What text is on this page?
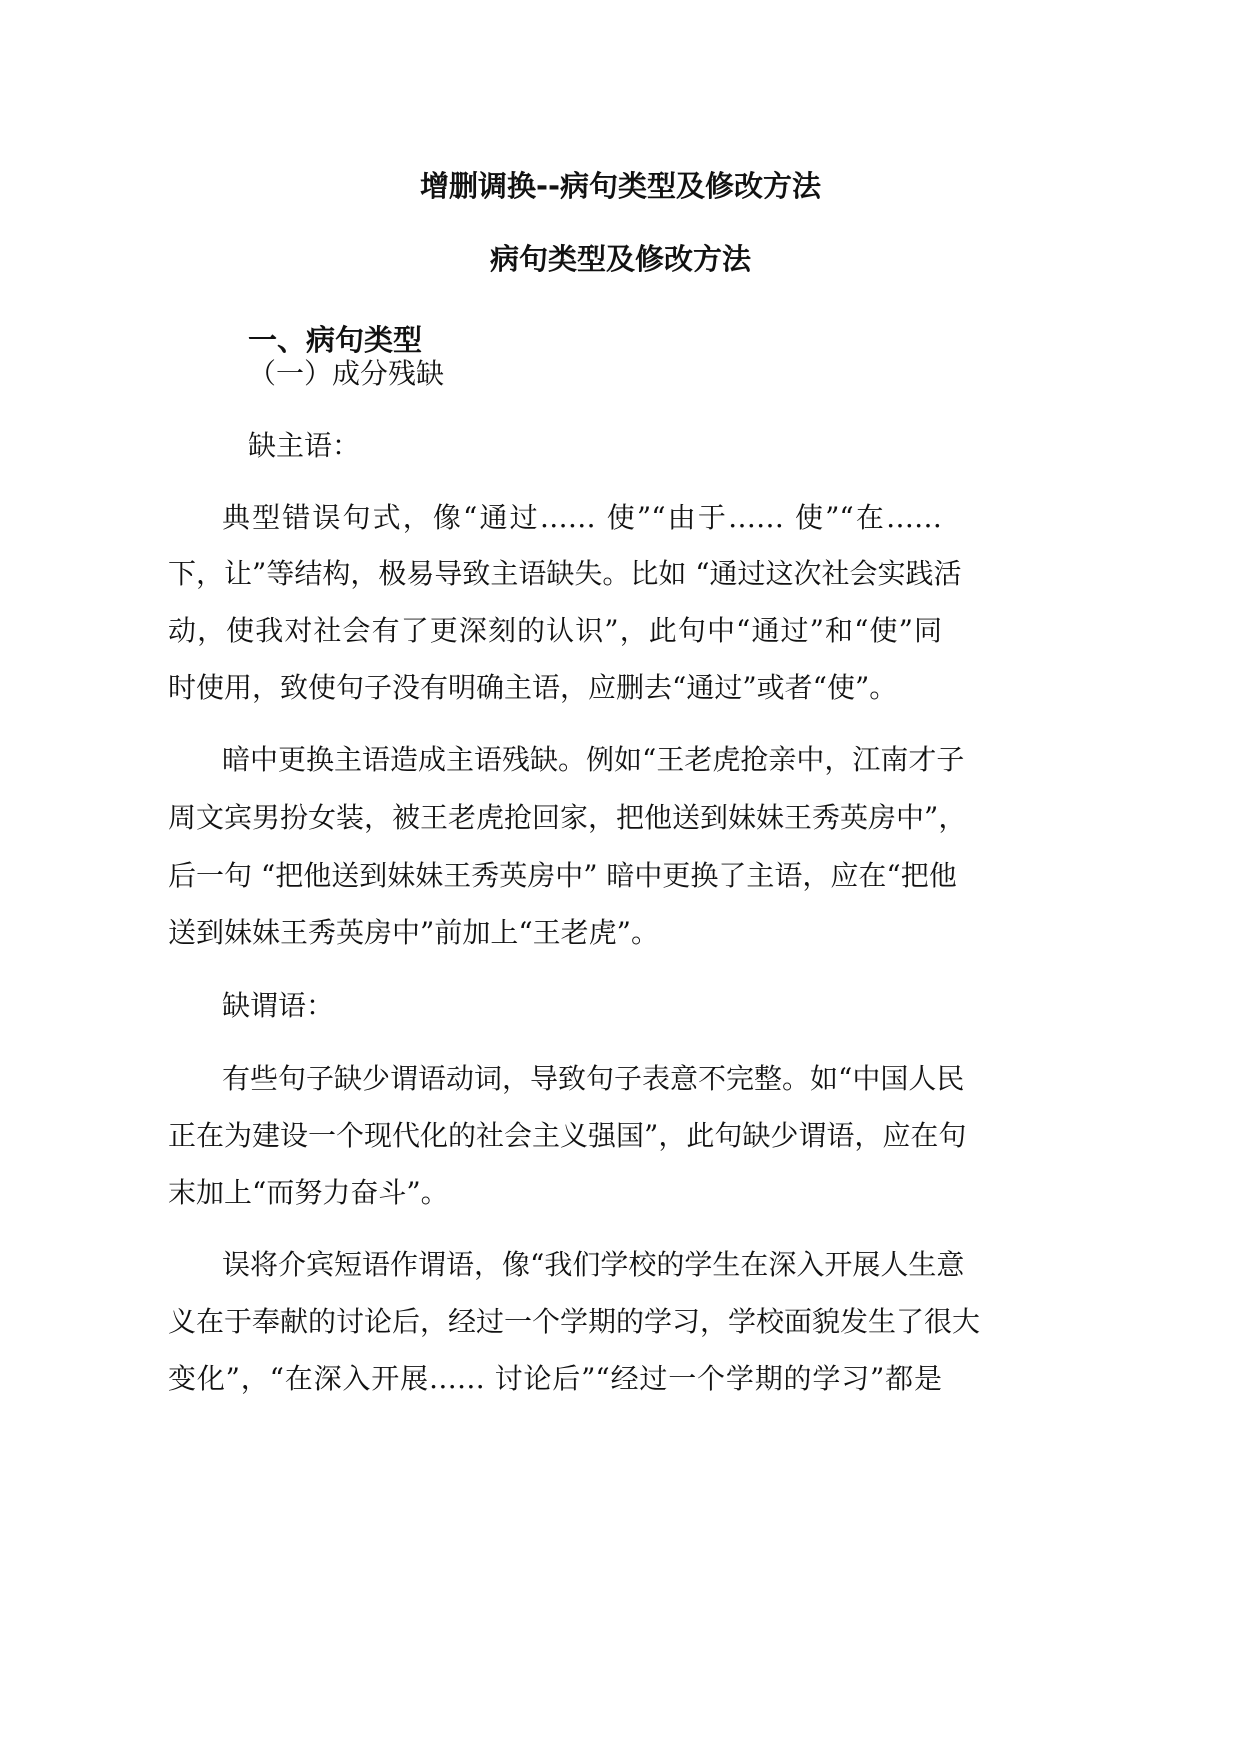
增删调换--病句类型及修改方法
病句类型及修改方法
一、病句类型
（一）成分残缺
缺主语：
典型错误句式，像“通过…… 使”“由于…… 使”“在……
下，让”等结构，极易导致主语缺失。比如 “通过这次社会实践活
动，使我对社会有了更深刻的认识”，此句中“通过”和“使”同
时使用，致使句子没有明确主语，应删去“通过”或者“使”。
暗中更换主语造成主语残缺。例如“王老虎抢亲中，江南才子
周文宾男扮女装，被王老虎抢回家，把他送到妹妹王秀英房中”，
后一句 “把他送到妹妹王秀英房中” 暗中更换了主语，应在“把他
送到妹妹王秀英房中”前加上“王老虎”。
缺谓语：
有些句子缺少谓语动词，导致句子表意不完整。如“中国人民
正在为建设一个现代化的社会主义强国”，此句缺少谓语，应在句
末加上“而努力奋斗”。
误将介宾短语作谓语，像“我们学校的学生在深入开展人生意
义在于奉献的讨论后，经过一个学期的学习，学校面貌发生了很大
变化”，“在深入开展…… 讨论后”“经过一个学期的学习”都是
